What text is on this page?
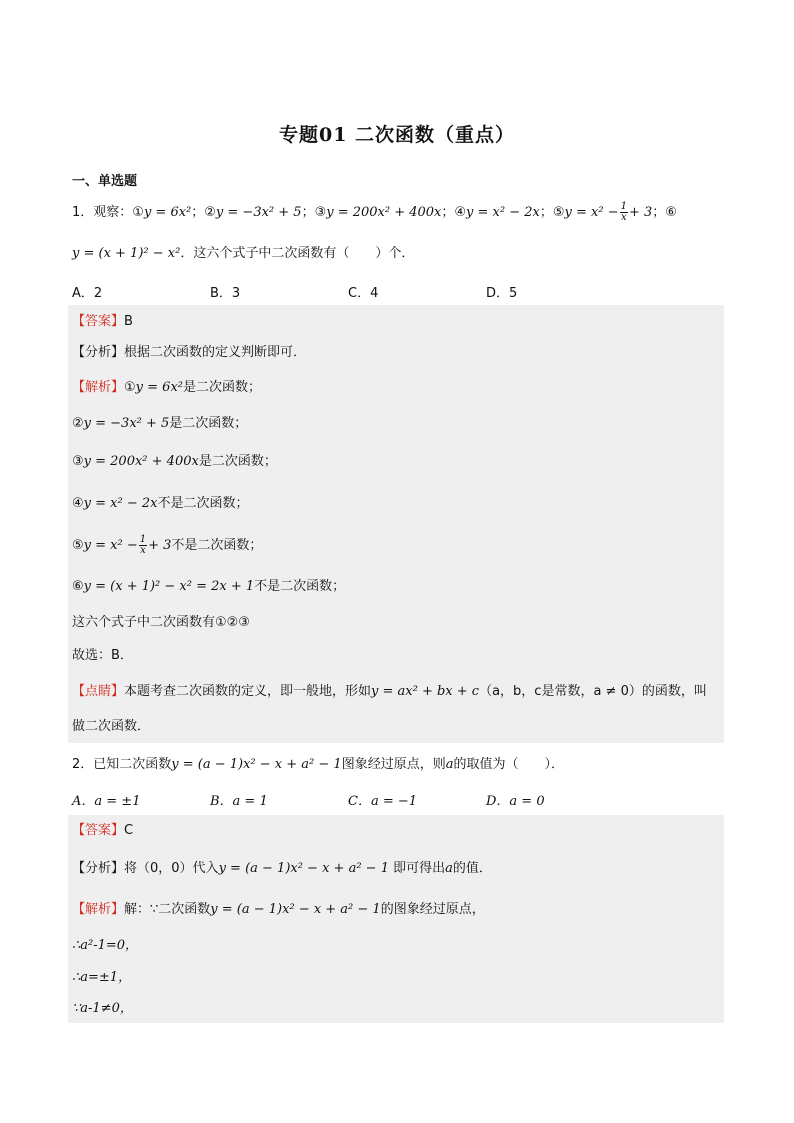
专题01 二次函数（重点）
一、单选题
1．观察：①y = 6x²；②y = −3x² + 5；③y = 200x² + 400x；④y = x² − 2x；⑤y = $x^2 - \frac{1}{x} + 3$；⑥
y = (x + 1)² − x²．这六个式子中二次函数有（　　）个．
A．2	B．3	C．4	D．5
【答案】B
【分析】根据二次函数的定义判断即可．
【解析】①y = 6x²是二次函数；
②y = −3x² + 5是二次函数；
③y = 200x² + 400x是二次函数；
④y = x² − 2x不是二次函数；
⑤y = $x^2 - \frac{1}{x} + 3$不是二次函数；
⑥y = (x + 1)² − x² = 2x + 1不是二次函数；
这六个式子中二次函数有①②③
故选：B．
【点睛】本题考查二次函数的定义，即一般地，形如y = ax² + bx + c（a，b，c是常数，a ≠ 0）的函数，叫
做二次函数．
2．已知二次函数y = (a − 1)x² − x + a² − 1图象经过原点，则a的取值为（　　）．
A．a = ±1	B．a = 1	C．a = −1	D．a = 0
【答案】C
【分析】将（0，0）代入y = (a − 1)x² − x + a² − 1 即可得出a的值．
【解析】解：∵二次函数y = (a − 1)x² − x + a² − 1的图象经过原点，
∴a²-1=0，
∴a=±1，
∵a-1≠0，
